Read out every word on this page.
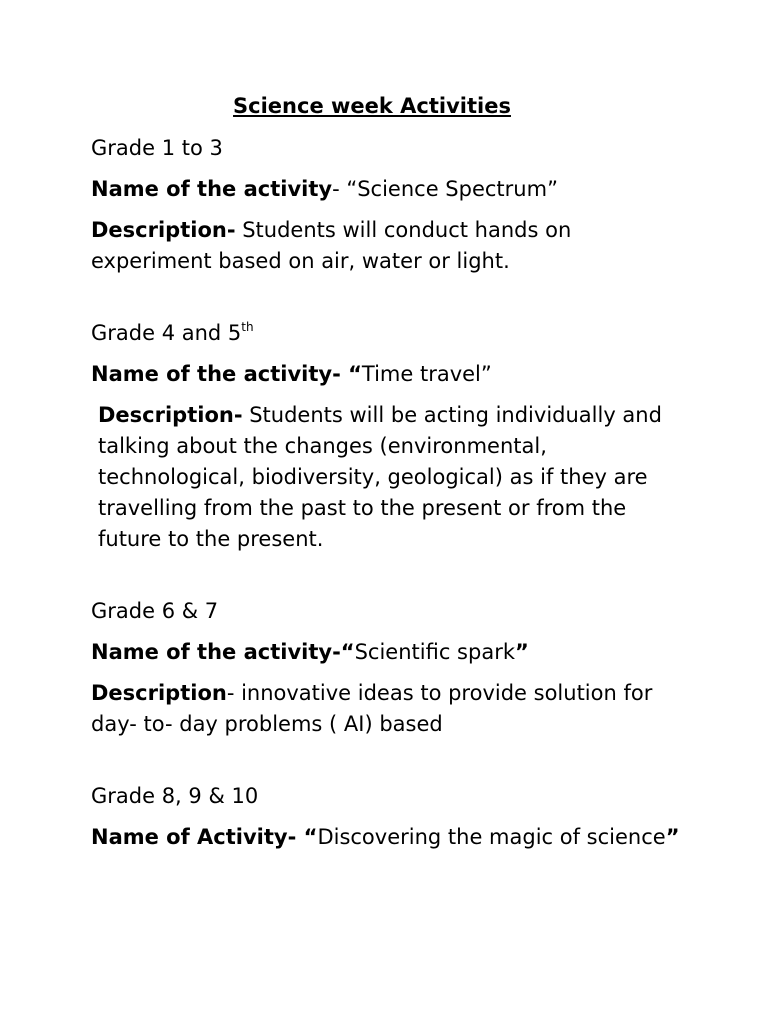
Science week Activities

Grade 1 to 3

Name of the activity- “Science Spectrum”

Description- Students will conduct hands on experiment based on air, water or light.

Grade 4 and 5th

Name of the activity- “Time travel”

Description- Students will be acting individually and talking about the changes (environmental, technological, biodiversity, geological) as if they are travelling from the past to the present or from the future to the present.

Grade 6 & 7

Name of the activity-“Scientific spark”

Description- innovative ideas to provide solution for day- to- day problems ( AI) based

Grade 8, 9 & 10

Name of Activity- “Discovering the magic of science”
